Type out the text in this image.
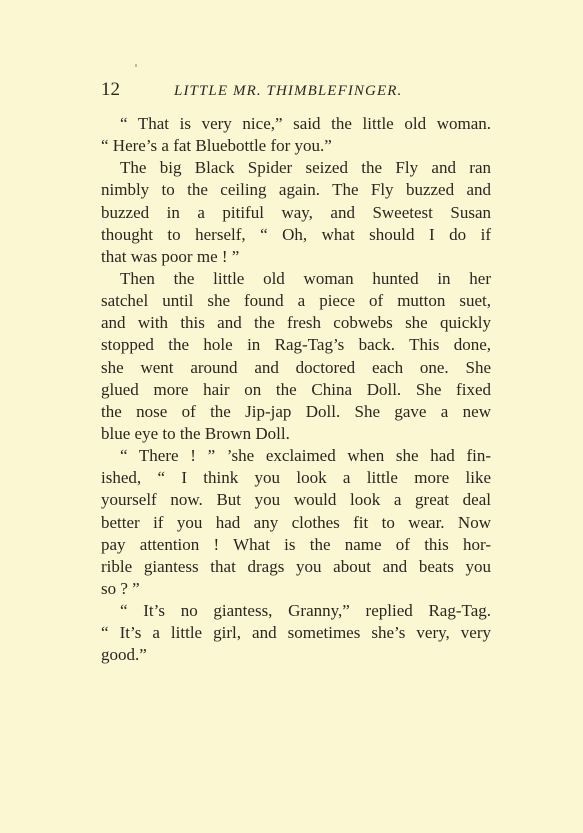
12	LITTLE MR. THIMBLEFINGER.

“ That is very nice,” said the little old woman.
“ Here’s a fat Bluebottle for you.”

The big Black Spider seized the Fly and ran
nimbly to the ceiling again. The Fly buzzed and
buzzed in a pitiful way, and Sweetest Susan
thought to herself, “ Oh, what should I do if
that was poor me ! ”

Then the little old woman hunted in her
satchel until she found a piece of mutton suet,
and with this and the fresh cobwebs she quickly
stopped the hole in Rag-Tag’s back. This done,
she went around and doctored each one. She
glued more hair on the China Doll. She fixed
the nose of the Jip-jap Doll. She gave a new
blue eye to the Brown Doll.

“ There ! ” ’she exclaimed when she had fin-
ished, “ I think you look a little more like
yourself now. But you would look a great deal
better if you had any clothes fit to wear. Now
pay attention ! What is the name of this hor-
rible giantess that drags you about and beats you
so ? ”

“ It’s no giantess, Granny,” replied Rag-Tag.
“ It’s a little girl, and sometimes she’s very, very
good.”
